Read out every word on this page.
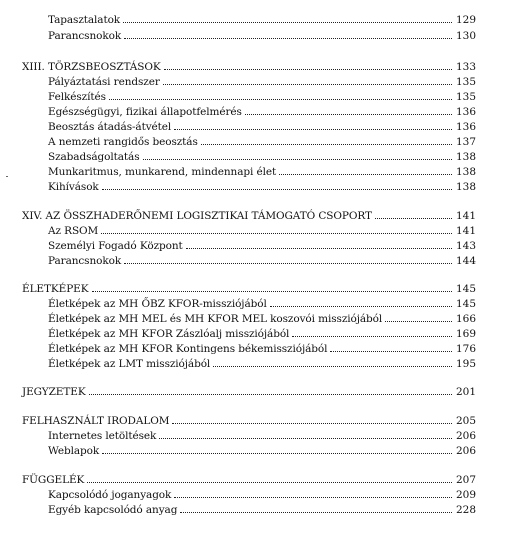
Tapasztalatok	129
Parancsnokok	130
XIII. TÖRZSBEOSZTÁSOK	133
Pályáztatási rendszer	135
Felkészítés	135
Egészségügyi, fizikai állapotfelmérés	136
Beosztás átadás-átvétel	136
A nemzeti rangidős beosztás	137
Szabadságoltatás	138
Munkaritmus, munkarend, mindennapi élet	138
Kihívások	138
XIV. AZ ÖSSZHADERŐNEMI LOGISZTIKAI TÁMOGATÓ CSOPORT	141
Az RSOM	141
Személyi Fogadó Központ	143
Parancsnokok	144
ÉLETKÉPEK	145
Életképek az MH ŐBZ KFOR-missziójából	145
Életképek az MH MEL és MH KFOR MEL koszovói missziójából	166
Életképek az MH KFOR Zászlóalj missziójából	169
Életképek az MH KFOR Kontingens békemissziójából	176
Életképek az LMT missziójából	195
JEGYZETEK	201
FELHASZNÁLT IRODALOM	205
Internetes letöltések	206
Weblapok	206
FÜGGELÉK	207
Kapcsolódó joganyagok	209
Egyéb kapcsolódó anyag	228
